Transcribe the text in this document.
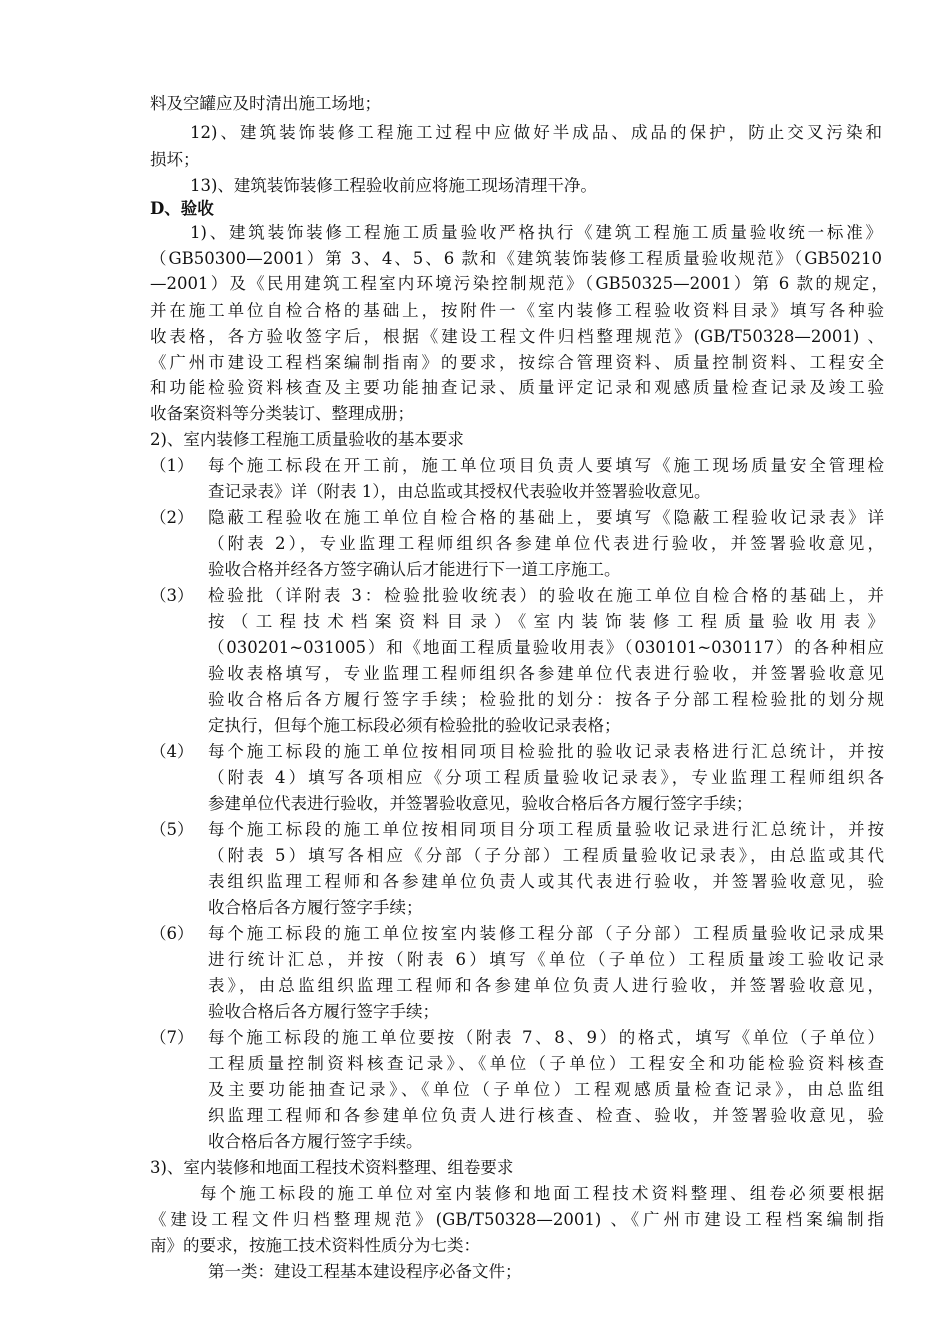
料及空罐应及时清出施工场地；
12)、建筑装饰装修工程施工过程中应做好半成品、成品的保护，防止交叉污染和
损坏；
13)、建筑装饰装修工程验收前应将施工现场清理干净。
D、验收
1)、建筑装饰装修工程施工质量验收严格执行《建筑工程施工质量验收统一标准》
（GB50300—2001）第 3、4、5、6 款和《建筑装饰装修工程质量验收规范》（GB50210
—2001）及《民用建筑工程室内环境污染控制规范》（GB50325—2001）第 6 款的规定，
并在施工单位自检合格的基础上，按附件一《室内装修工程验收资料目录》填写各种验
收表格，各方验收签字后，根据《建设工程文件归档整理规范》(GB/T50328—2001) 、
《广州市建设工程档案编制指南》的要求，按综合管理资料、质量控制资料、工程安全
和功能检验资料核查及主要功能抽查记录、质量评定记录和观感质量检查记录及竣工验
收备案资料等分类装订、整理成册；
2)、室内装修工程施工质量验收的基本要求
（1） 每个施工标段在开工前，施工单位项目负责人要填写《施工现场质量安全管理检
查记录表》详（附表 1），由总监或其授权代表验收并签署验收意见。
（2） 隐蔽工程验收在施工单位自检合格的基础上，要填写《隐蔽工程验收记录表》详
（附表 2），专业监理工程师组织各参建单位代表进行验收，并签署验收意见，
验收合格并经各方签字确认后才能进行下一道工序施工。
（3） 检验批（详附表 3：检验批验收统表）的验收在施工单位自检合格的基础上，并
按（工程技术档案资料目录）《室内装饰装修工程质量验收用表》
（030201~031005）和《地面工程质量验收用表》（030101~030117）的各种相应
验收表格填写，专业监理工程师组织各参建单位代表进行验收，并签署验收意见
验收合格后各方履行签字手续；检验批的划分：按各子分部工程检验批的划分规
定执行，但每个施工标段必须有检验批的验收记录表格；
（4） 每个施工标段的施工单位按相同项目检验批的验收记录表格进行汇总统计，并按
（附表 4）填写各项相应《分项工程质量验收记录表》，专业监理工程师组织各
参建单位代表进行验收，并签署验收意见，验收合格后各方履行签字手续；
（5） 每个施工标段的施工单位按相同项目分项工程质量验收记录进行汇总统计，并按
（附表 5）填写各相应《分部（子分部）工程质量验收记录表》，由总监或其代
表组织监理工程师和各参建单位负责人或其代表进行验收，并签署验收意见，验
收合格后各方履行签字手续；
（6） 每个施工标段的施工单位按室内装修工程分部（子分部）工程质量验收记录成果
进行统计汇总，并按（附表 6）填写《单位（子单位）工程质量竣工验收记录
表》，由总监组织监理工程师和各参建单位负责人进行验收，并签署验收意见，
验收合格后各方履行签字手续；
（7） 每个施工标段的施工单位要按（附表 7、8、9）的格式，填写《单位（子单位）
工程质量控制资料核查记录》、《单位（子单位）工程安全和功能检验资料核查
及主要功能抽查记录》、《单位（子单位）工程观感质量检查记录》，由总监组
织监理工程师和各参建单位负责人进行核查、检查、验收，并签署验收意见，验
收合格后各方履行签字手续。
3)、室内装修和地面工程技术资料整理、组卷要求
每个施工标段的施工单位对室内装修和地面工程技术资料整理、组卷必须要根据
《建设工程文件归档整理规范》(GB/T50328—2001) 、《广州市建设工程档案编制指
南》的要求，按施工技术资料性质分为七类：
第一类：建设工程基本建设程序必备文件；
